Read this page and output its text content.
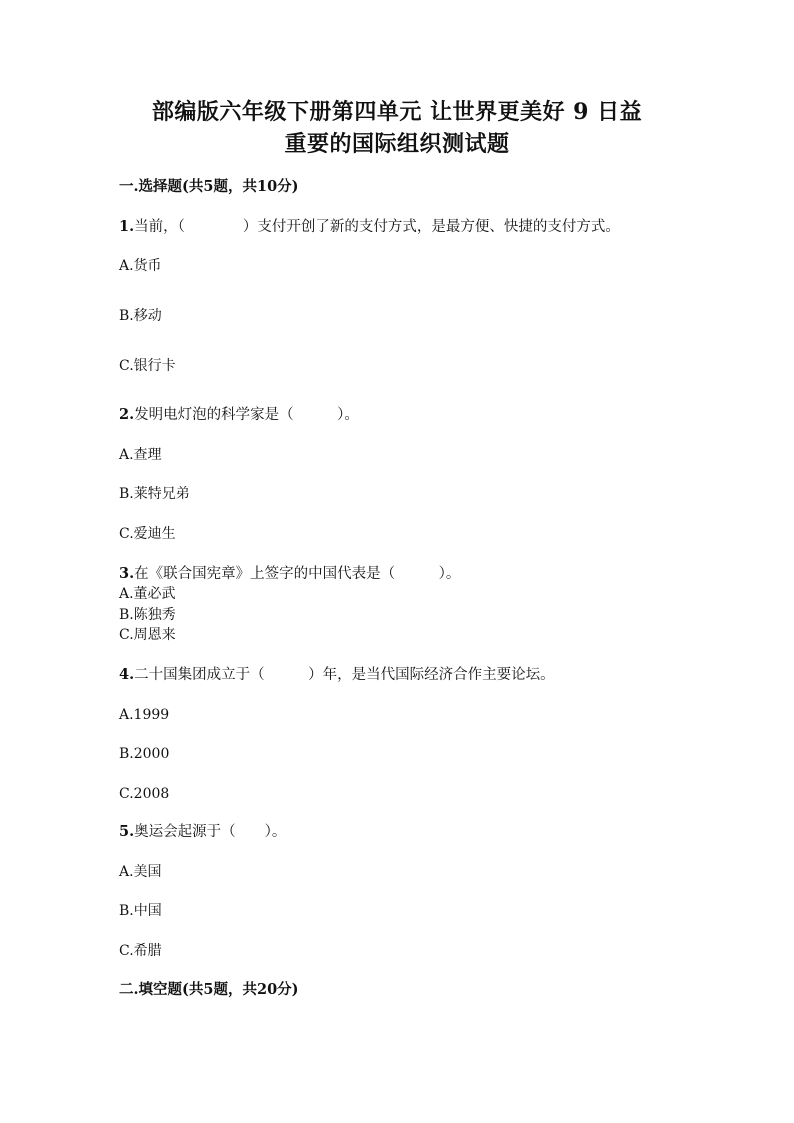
部编版六年级下册第四单元 让世界更美好 9 日益
重要的国际组织测试题
一.选择题(共5题，共10分)
1.当前，（　　　　）支付开创了新的支付方式，是最方便、快捷的支付方式。
A.货币
B.移动
C.银行卡
2.发明电灯泡的科学家是（　　　）。
A.查理
B.莱特兄弟
C.爱迪生
3.在《联合国宪章》上签字的中国代表是（　　　）。
A.董必武
B.陈独秀
C.周恩来
4.二十国集团成立于（　　　）年，是当代国际经济合作主要论坛。
A.1999
B.2000
C.2008
5.奥运会起源于（　　）。
A.美国
B.中国
C.希腊
二.填空题(共5题，共20分)
